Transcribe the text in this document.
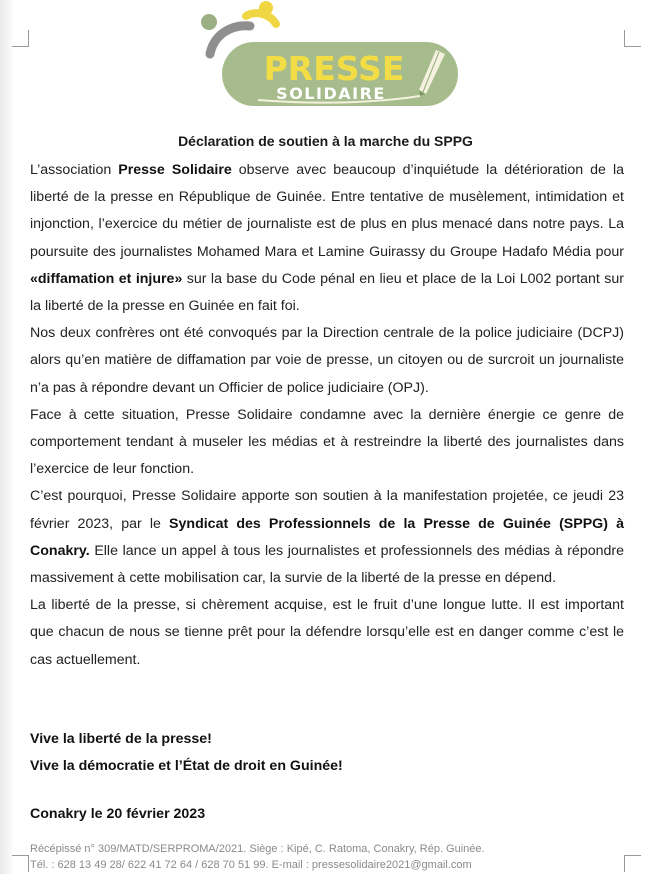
PRESSE
SOLIDAIRE
Déclaration de soutien à la marche du SPPG

L’association Presse Solidaire observe avec beaucoup d’inquiétude la détérioration de la liberté de la presse en République de Guinée. Entre tentative de musèlement, intimidation et injonction, l’exercice du métier de journaliste est de plus en plus menacé dans notre pays. La poursuite des journalistes Mohamed Mara et Lamine Guirassy du Groupe Hadafo Média pour «diffamation et injure» sur la base du Code pénal en lieu et place de la Loi L002 portant sur la liberté de la presse en Guinée en fait foi.

Nos deux confrères ont été convoqués par la Direction centrale de la police judiciaire (DCPJ) alors qu’en matière de diffamation par voie de presse, un citoyen ou de surcroit un journaliste n’a pas à répondre devant un Officier de police judiciaire (OPJ).

Face à cette situation, Presse Solidaire condamne avec la dernière énergie ce genre de comportement tendant à museler les médias et à restreindre la liberté des journalistes dans l’exercice de leur fonction.

C’est pourquoi, Presse Solidaire apporte son soutien à la manifestation projetée, ce jeudi 23 février 2023, par le Syndicat des Professionnels de la Presse de Guinée (SPPG) à Conakry. Elle lance un appel à tous les journalistes et professionnels des médias à répondre massivement à cette mobilisation car, la survie de la liberté de la presse en dépend.

La liberté de la presse, si chèrement acquise, est le fruit d’une longue lutte. Il est important que chacun de nous se tienne prêt pour la défendre lorsqu’elle est en danger comme c’est le cas actuellement.

Vive la liberté de la presse!
Vive la démocratie et l’État de droit en Guinée!
Conakry le 20 février 2023
Récépissé n° 309/MATD/SERPROMA/2021. Siège : Kipé, C. Ratoma, Conakry, Rép. Guinée.
Tél. : 628 13 49 28/ 622 41 72 64 / 628 70 51 99. E-mail : pressesolidaire2021@gmail.com
